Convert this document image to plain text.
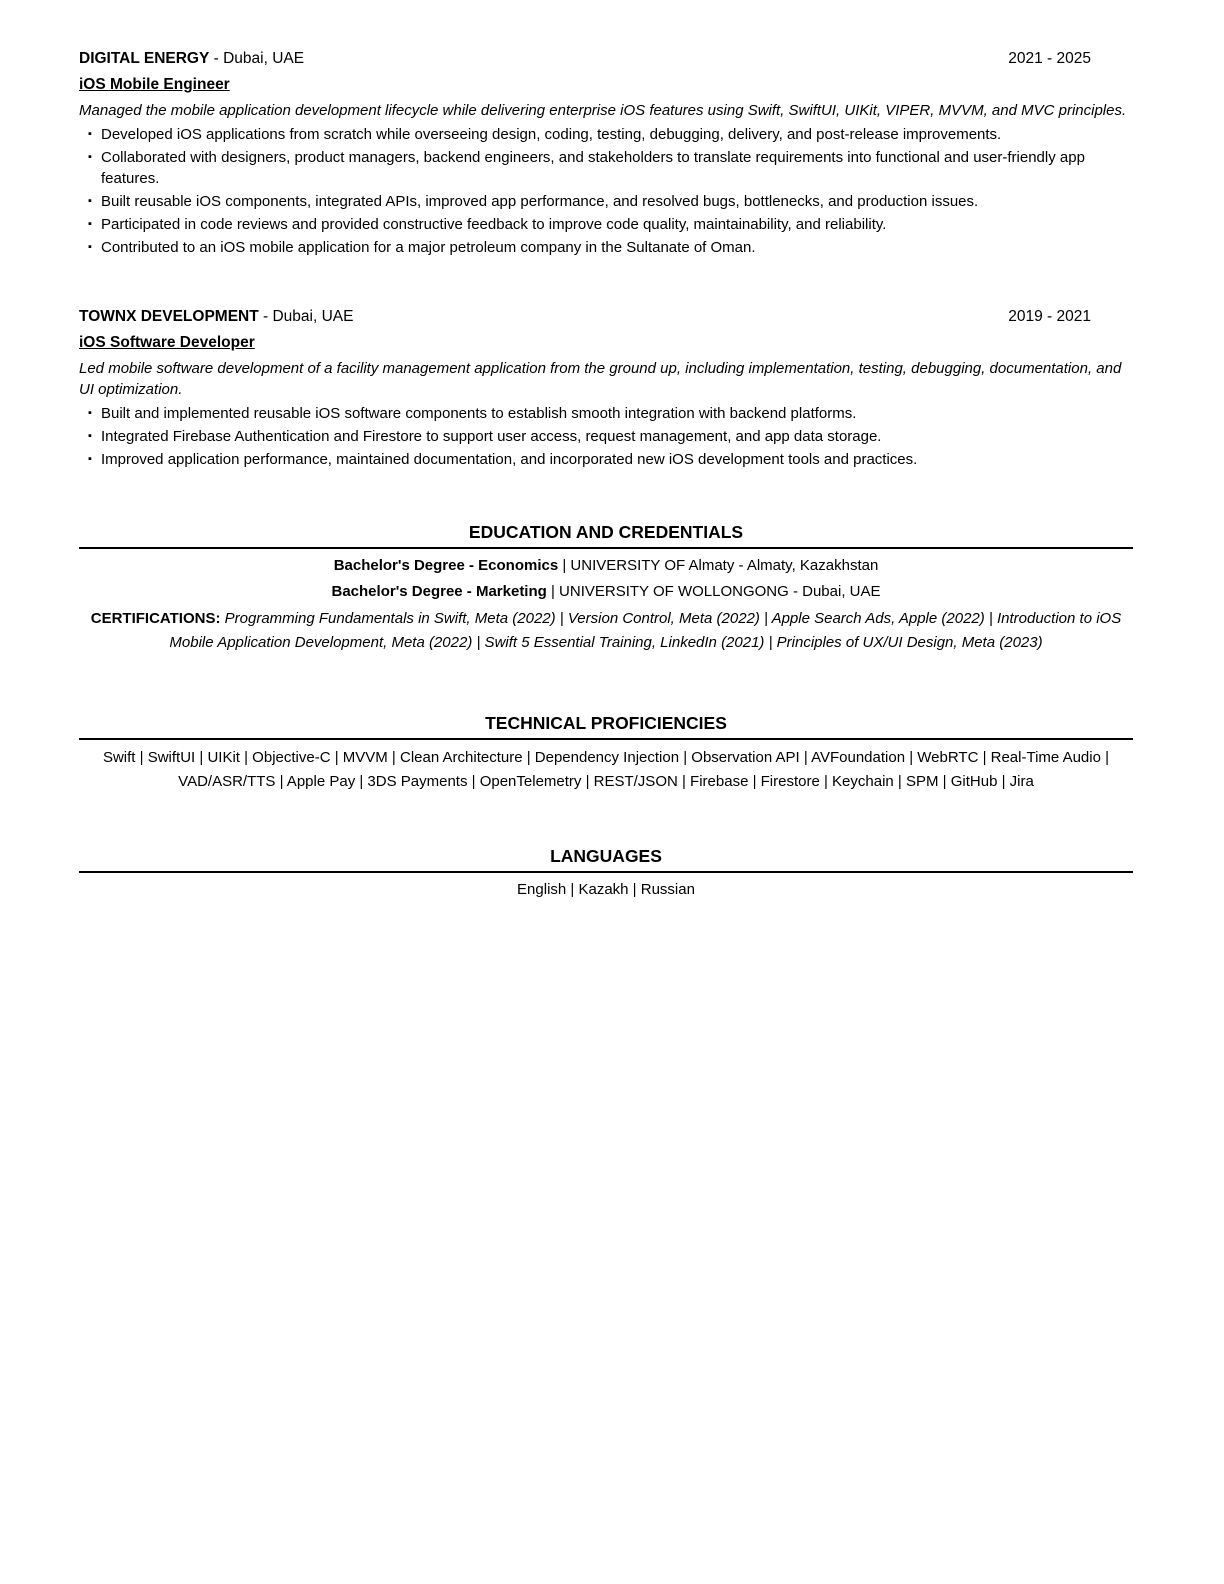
DIGITAL ENERGY - Dubai, UAE	2021 - 2025
iOS Mobile Engineer
Managed the mobile application development lifecycle while delivering enterprise iOS features using Swift, SwiftUI, UIKit, VIPER, MVVM, and MVC principles.
▪ Developed iOS applications from scratch while overseeing design, coding, testing, debugging, delivery, and post-release improvements.
▪ Collaborated with designers, product managers, backend engineers, and stakeholders to translate requirements into functional and user-friendly app features.
▪ Built reusable iOS components, integrated APIs, improved app performance, and resolved bugs, bottlenecks, and production issues.
▪ Participated in code reviews and provided constructive feedback to improve code quality, maintainability, and reliability.
▪ Contributed to an iOS mobile application for a major petroleum company in the Sultanate of Oman.
TOWNX DEVELOPMENT - Dubai, UAE	2019 - 2021
iOS Software Developer
Led mobile software development of a facility management application from the ground up, including implementation, testing, debugging, documentation, and UI optimization.
▪ Built and implemented reusable iOS software components to establish smooth integration with backend platforms.
▪ Integrated Firebase Authentication and Firestore to support user access, request management, and app data storage.
▪ Improved application performance, maintained documentation, and incorporated new iOS development tools and practices.
EDUCATION AND CREDENTIALS
Bachelor's Degree - Economics | UNIVERSITY OF Almaty - Almaty, Kazakhstan
Bachelor's Degree - Marketing | UNIVERSITY OF WOLLONGONG - Dubai, UAE
CERTIFICATIONS: Programming Fundamentals in Swift, Meta (2022) | Version Control, Meta (2022) | Apple Search Ads, Apple (2022) | Introduction to iOS Mobile Application Development, Meta (2022) | Swift 5 Essential Training, LinkedIn (2021) | Principles of UX/UI Design, Meta (2023)
TECHNICAL PROFICIENCIES
Swift | SwiftUI | UIKit | Objective-C | MVVM | Clean Architecture | Dependency Injection | Observation API | AVFoundation | WebRTC | Real-Time Audio | VAD/ASR/TTS | Apple Pay | 3DS Payments | OpenTelemetry | REST/JSON | Firebase | Firestore | Keychain | SPM | GitHub | Jira
LANGUAGES
English | Kazakh | Russian
